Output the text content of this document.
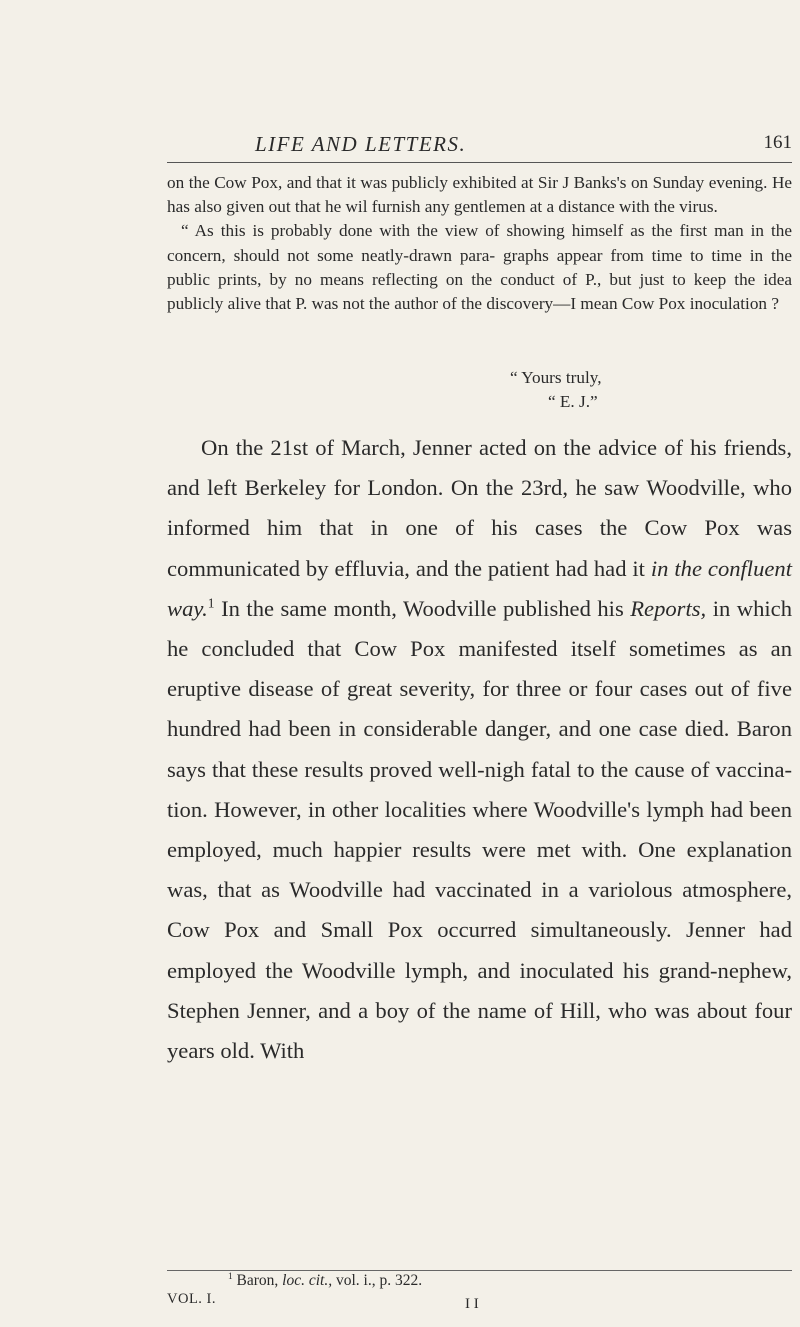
LIFE AND LETTERS.	161

on the Cow Pox, and that it was publicly exhibited at Sir J Banks's on Sunday evening. He has also given out that he wil furnish any gentlemen at a distance with the virus.

“ As this is probably done with the view of showing himself as the first man in the concern, should not some neatly-drawn para- graphs appear from time to time in the public prints, by no means reflecting on the conduct of P., but just to keep the idea publicly alive that P. was not the author of the discovery—I mean Cow Pox inoculation ?

“ Yours truly,
“ E. J.”

On the 21st of March, Jenner acted on the advice of his friends, and left Berkeley for London. On the 23rd, he saw Woodville, who informed him that in one of his cases the Cow Pox was communicated by effluvia, and the patient had had it in the confluent way.$^1$ In the same month, Woodville published his Reports, in which he concluded that Cow Pox manifested itself sometimes as an eruptive disease of great severity, for three or four cases out of five hundred had been in considerable danger, and one case died. Baron says that these results proved well-nigh fatal to the cause of vaccina- tion. However, in other localities where Woodville's lymph had been employed, much happier results were met with. One explanation was, that as Woodville had vaccinated in a variolous atmosphere, Cow Pox and Small Pox occurred simultaneously. Jenner had employed the Woodville lymph, and inoculated his grand-nephew, Stephen Jenner, and a boy of the name of Hill, who was about four years old. With

$^1$ Baron, loc. cit., vol. i., p. 322.
VOL. I.	I I
